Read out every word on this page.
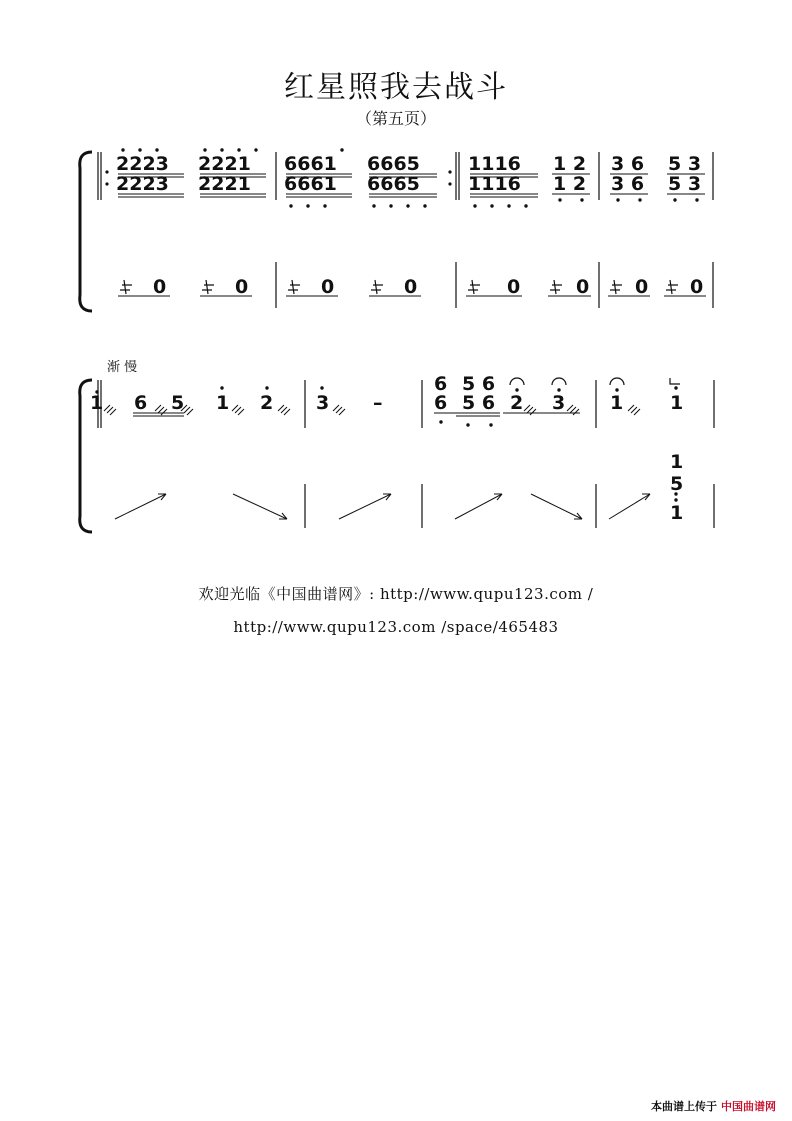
红星照我去战斗
（第五页）
2223 2221 6661 6665	1116 1 2 3 6 5 3
2223 2221 6661 6665	1116 1 2 3 6 5 3
0	0	0	0	0	0 0 0
渐 慢
1 6 5 1 2 3 –
6 5 6
2 3 1 1
6 5 6
1
5
1
欢迎光临《中国曲谱网》: http://www.qupu123.com /
http://www.qupu123.com /space/465483
本曲谱上传于 中国曲谱网
